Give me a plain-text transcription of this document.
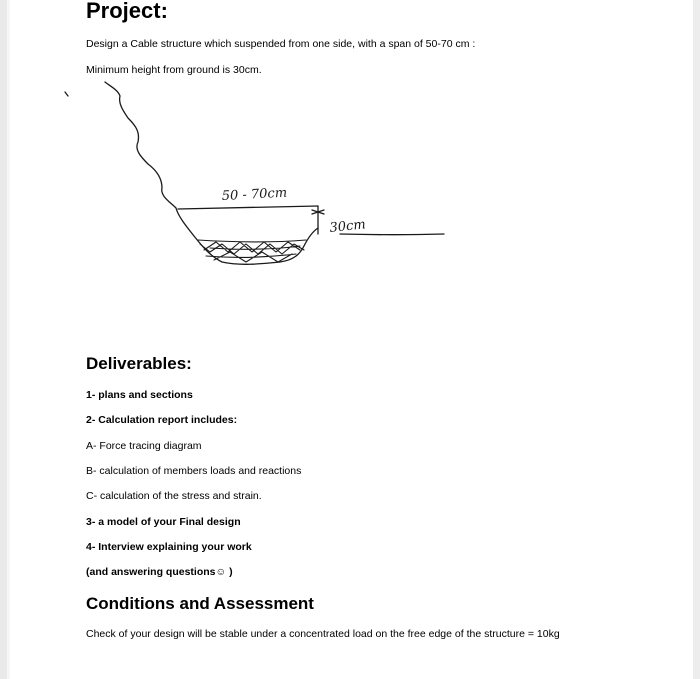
Project:
Design a Cable structure which suspended from one side, with a span of 50-70 cm :
Minimum height from ground is 30cm.
50 - 70cm
30cm
Deliverables:
1- plans and sections
2- Calculation report includes:
A- Force tracing diagram
B- calculation of members loads and reactions
C- calculation of the stress and strain.
3- a model of your Final design
4- Interview explaining your work
(and answering questions☺ )
Conditions and Assessment
Check of your design will be stable under a concentrated load on the free edge of the structure = 10kg
